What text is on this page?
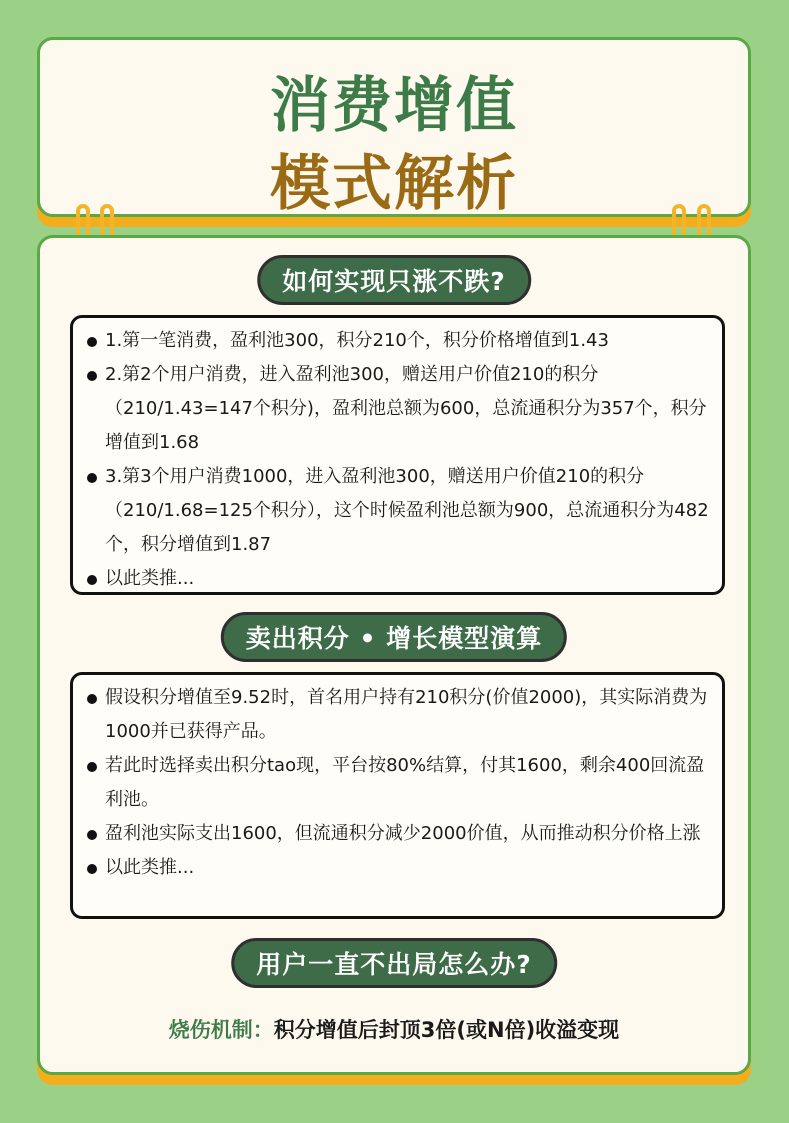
消费增值
模式解析
如何实现只涨不跌?
1.第一笔消费，盈利池300，积分210个，积分价格增值到1.43
2.第2个用户消费，进入盈利池300，赠送用户价值210的积分（210/1.43=147个积分)，盈利池总额为600，总流通积分为357个，积分增值到1.68
3.第3个用户消费1000，进入盈利池300，赠送用户价值210的积分（210/1.68=125个积分），这个时候盈利池总额为900，总流通积分为482个，积分增值到1.87
以此类推...
卖出积分 • 增长模型演算
假设积分增值至9.52时，首名用户持有210积分(价值2000)，其实际消费为1000并已获得产品。
若此时选择卖出积分tao现，平台按80%结算，付其1600，剩余400回流盈利池。
盈利池实际支出1600，但流通积分减少2000价值，从而推动积分价格上涨
以此类推...
用户一直不出局怎么办?
烧伤机制：积分增值后封顶3倍(或N倍)收溢变现
